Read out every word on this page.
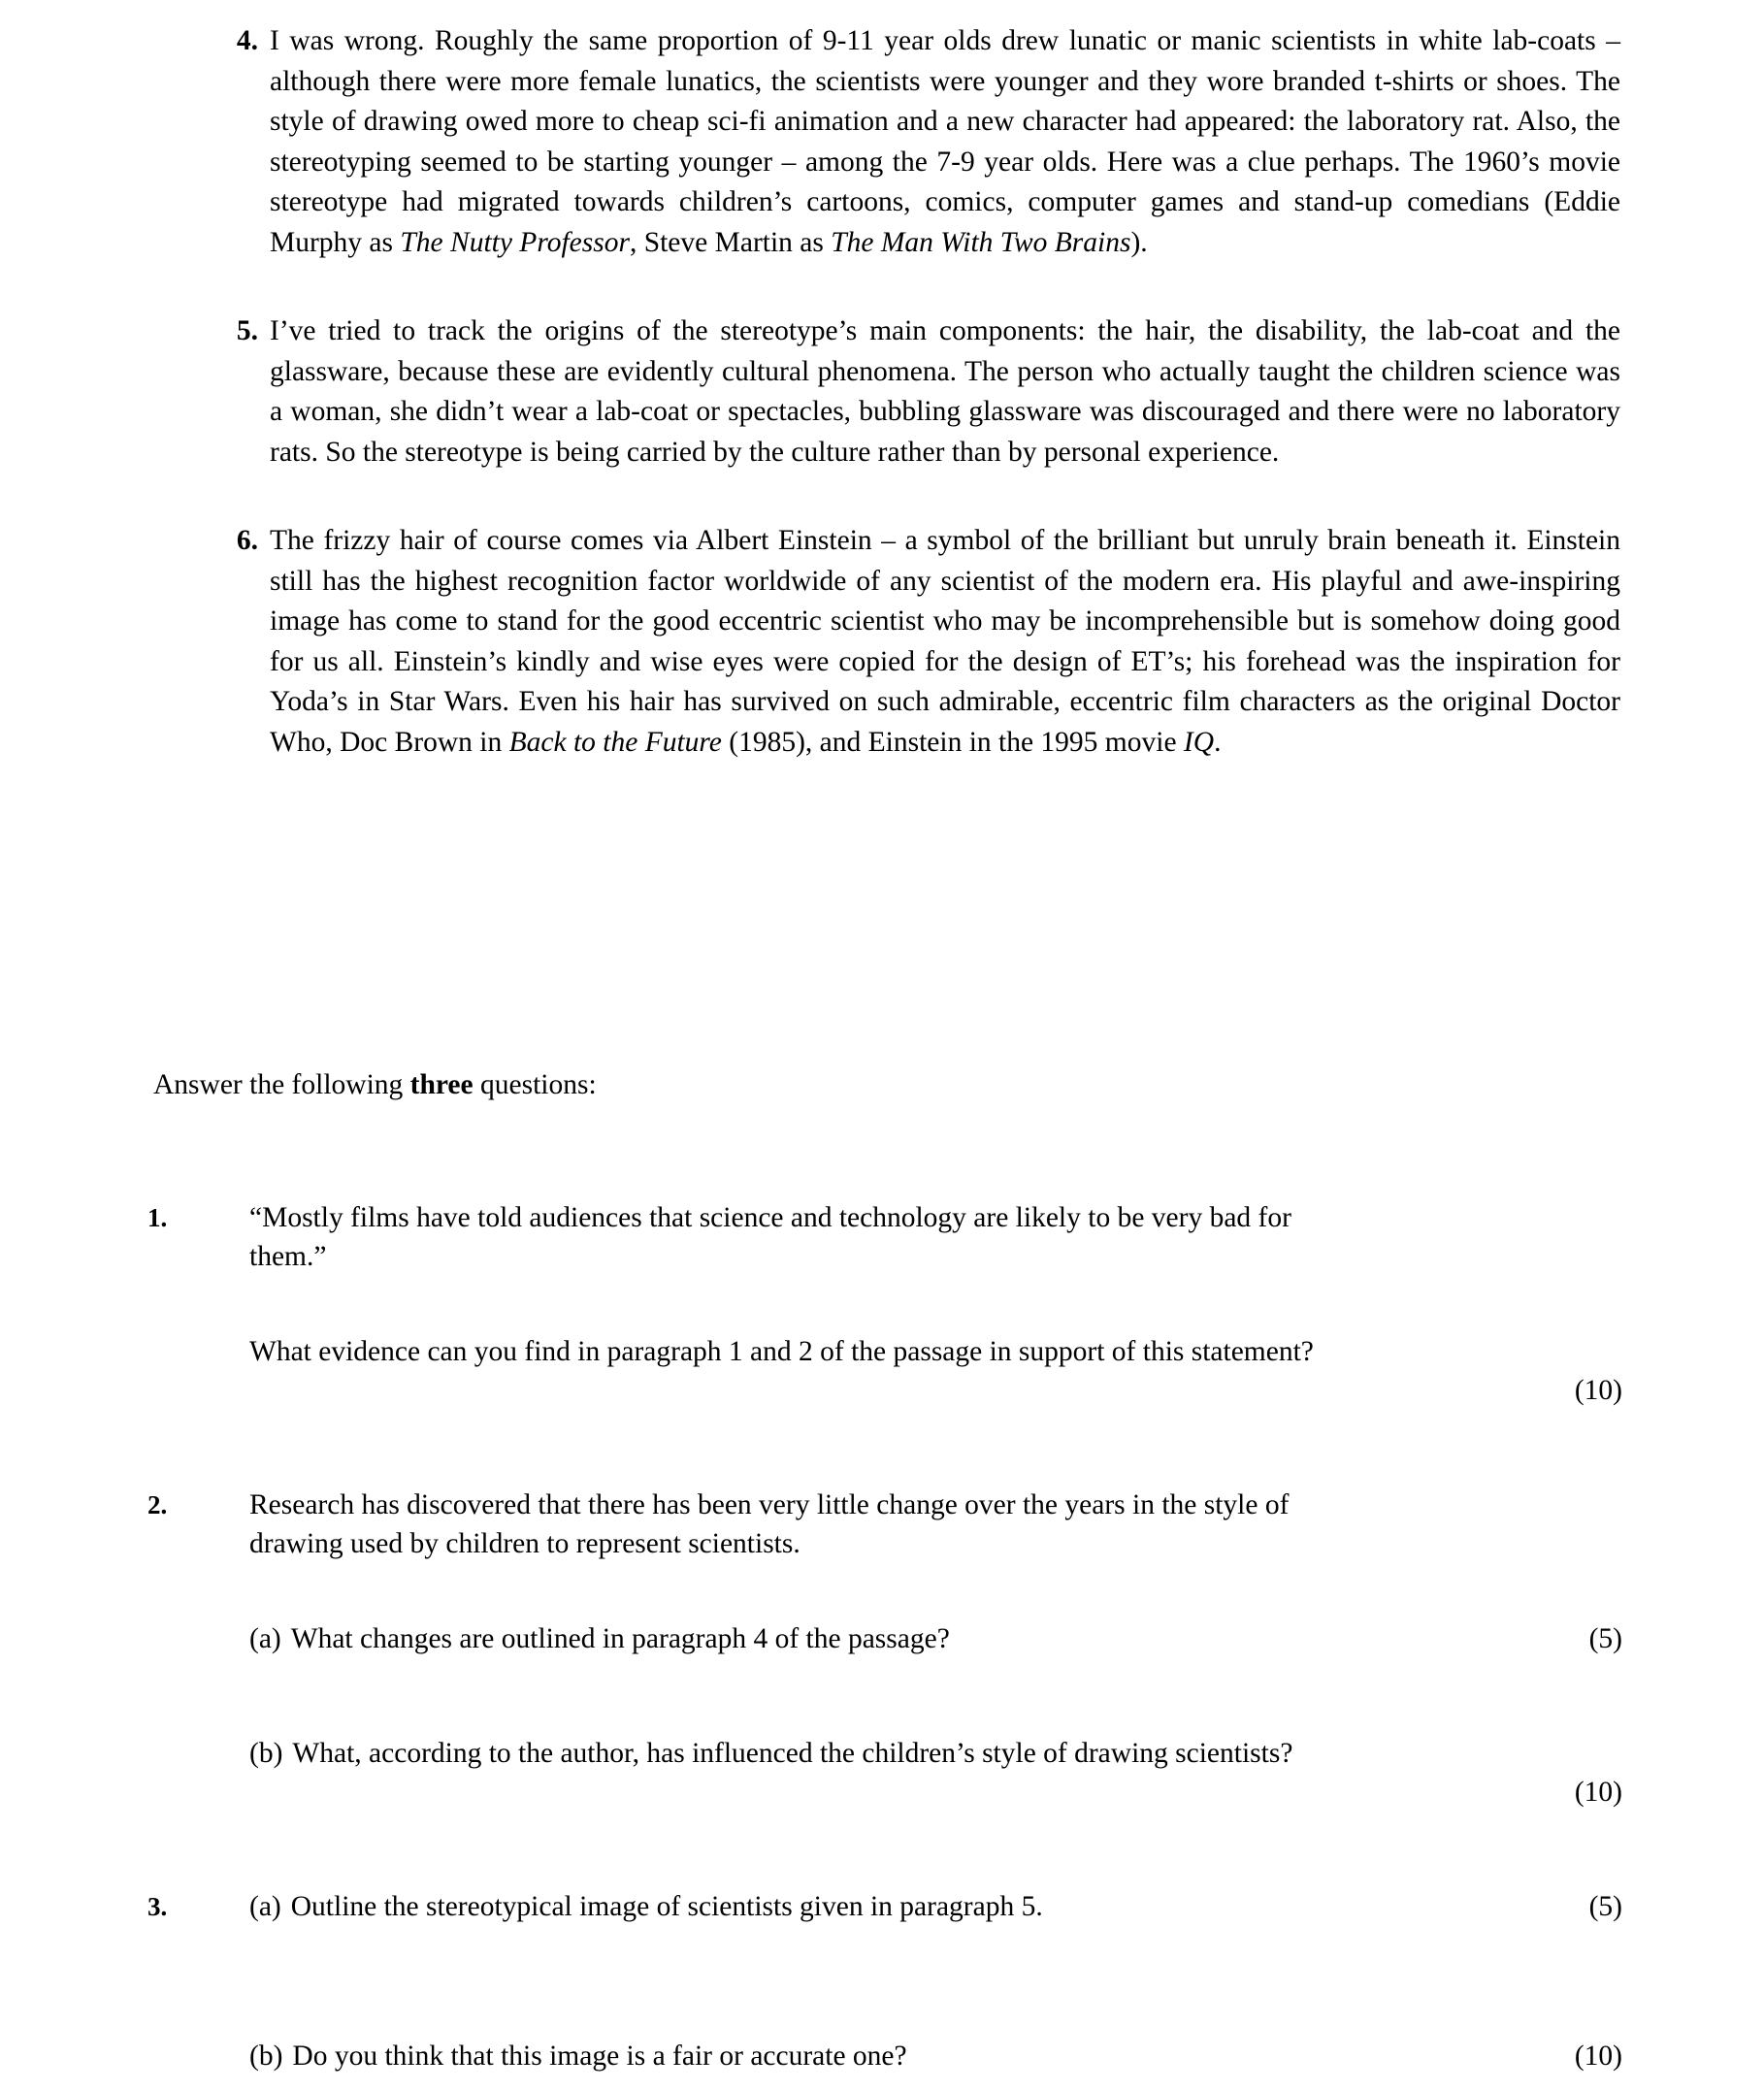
4. I was wrong. Roughly the same proportion of 9-11 year olds drew lunatic or manic scientists in white lab-coats – although there were more female lunatics, the scientists were younger and they wore branded t-shirts or shoes. The style of drawing owed more to cheap sci-fi animation and a new character had appeared: the laboratory rat. Also, the stereotyping seemed to be starting younger – among the 7-9 year olds. Here was a clue perhaps. The 1960’s movie stereotype had migrated towards children’s cartoons, comics, computer games and stand-up comedians (Eddie Murphy as The Nutty Professor, Steve Martin as The Man With Two Brains).
5. I’ve tried to track the origins of the stereotype’s main components: the hair, the disability, the lab-coat and the glassware, because these are evidently cultural phenomena. The person who actually taught the children science was a woman, she didn’t wear a lab-coat or spectacles, bubbling glassware was discouraged and there were no laboratory rats. So the stereotype is being carried by the culture rather than by personal experience.
6. The frizzy hair of course comes via Albert Einstein – a symbol of the brilliant but unruly brain beneath it. Einstein still has the highest recognition factor worldwide of any scientist of the modern era. His playful and awe-inspiring image has come to stand for the good eccentric scientist who may be incomprehensible but is somehow doing good for us all. Einstein’s kindly and wise eyes were copied for the design of ET’s; his forehead was the inspiration for Yoda’s in Star Wars. Even his hair has survived on such admirable, eccentric film characters as the original Doctor Who, Doc Brown in Back to the Future (1985), and Einstein in the 1995 movie IQ.
Answer the following three questions:
1.	“Mostly films have told audiences that science and technology are likely to be very bad for
them.”
What evidence can you find in paragraph 1 and 2 of the passage in support of this statement?
(10)
2.	Research has discovered that there has been very little change over the years in the style of
drawing used by children to represent scientists.
(a) What changes are outlined in paragraph 4 of the passage?	(5)
(b) What, according to the author, has influenced the children’s style of drawing scientists?
(10)
3.	(a) Outline the stereotypical image of scientists given in paragraph 5.	(5)
(b) Do you think that this image is a fair or accurate one?	(10)
